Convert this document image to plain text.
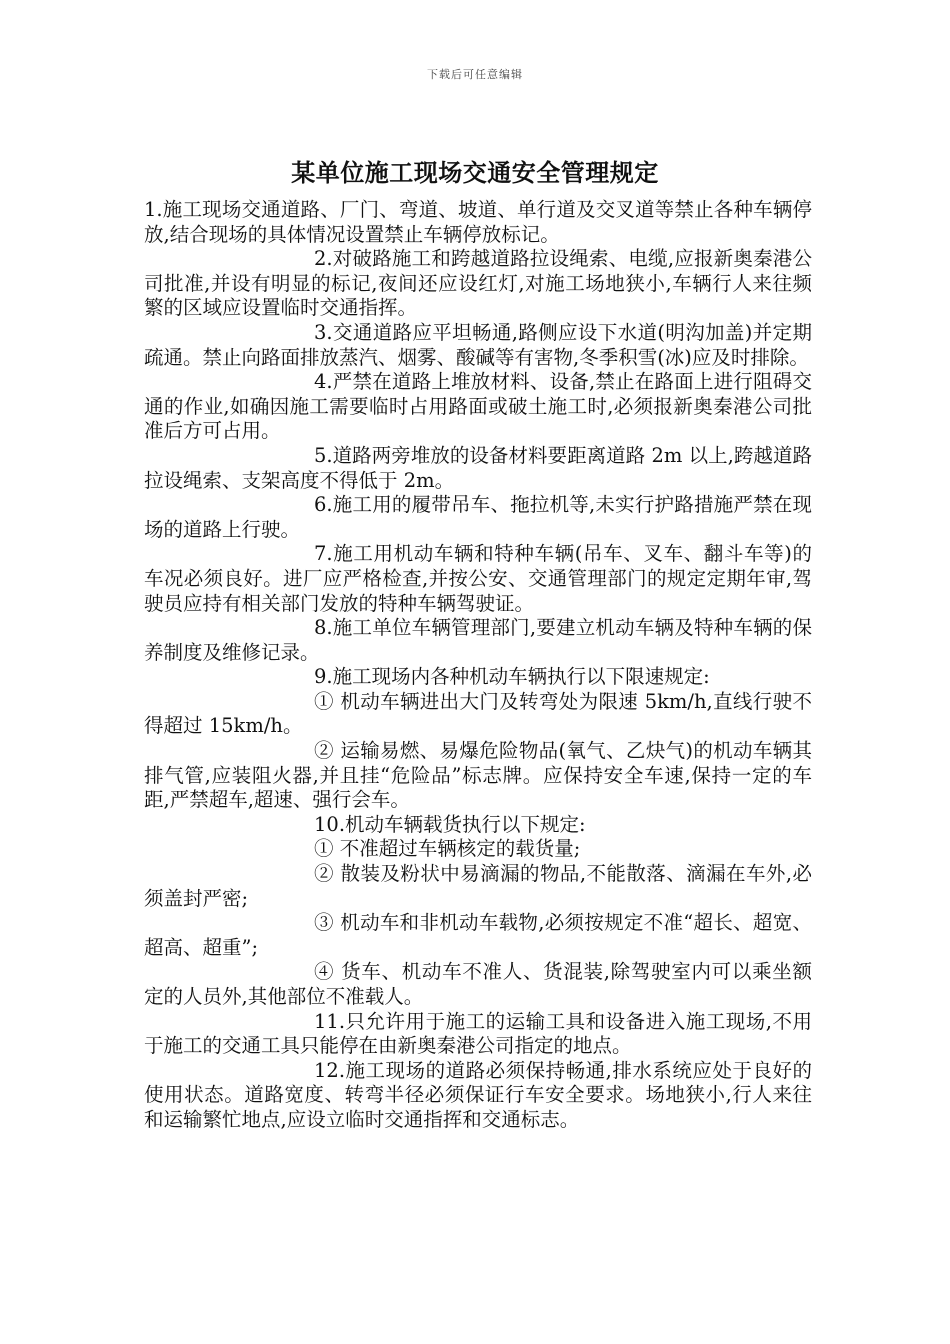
下载后可任意编辑
某单位施工现场交通安全管理规定

1.施工现场交通道路、厂门、弯道、坡道、单行道及交叉道等禁止各种车辆停放,结合现场的具体情况设置禁止车辆停放标记。

2.对破路施工和跨越道路拉设绳索、电缆,应报新奥秦港公司批准,并设有明显的标记,夜间还应设红灯,对施工场地狭小,车辆行人来往频繁的区域应设置临时交通指挥。

3.交通道路应平坦畅通,路侧应设下水道(明沟加盖)并定期疏通。禁止向路面排放蒸汽、烟雾、酸碱等有害物,冬季积雪(冰)应及时排除。

4.严禁在道路上堆放材料、设备,禁止在路面上进行阻碍交通的作业,如确因施工需要临时占用路面或破土施工时,必须报新奥秦港公司批准后方可占用。

5.道路两旁堆放的设备材料要距离道路 2m 以上,跨越道路拉设绳索、支架高度不得低于 2m。

6.施工用的履带吊车、拖拉机等,未实行护路措施严禁在现场的道路上行驶。

7.施工用机动车辆和特种车辆(吊车、叉车、翻斗车等)的车况必须良好。进厂应严格检查,并按公安、交通管理部门的规定定期年审,驾驶员应持有相关部门发放的特种车辆驾驶证。

8.施工单位车辆管理部门,要建立机动车辆及特种车辆的保养制度及维修记录。

9.施工现场内各种机动车辆执行以下限速规定:

① 机动车辆进出大门及转弯处为限速 5km/h,直线行驶不得超过 15km/h。

② 运输易燃、易爆危险物品(氧气、乙炔气)的机动车辆其排气管,应装阻火器,并且挂“危险品”标志牌。应保持安全车速,保持一定的车距,严禁超车,超速、强行会车。

10.机动车辆载货执行以下规定:

① 不准超过车辆核定的载货量;

② 散装及粉状中易滴漏的物品,不能散落、滴漏在车外,必须盖封严密;

③ 机动车和非机动车载物,必须按规定不准“超长、超宽、超高、超重”;

④ 货车、机动车不准人、货混装,除驾驶室内可以乘坐额定的人员外,其他部位不准载人。

11.只允许用于施工的运输工具和设备进入施工现场,不用于施工的交通工具只能停在由新奥秦港公司指定的地点。

12.施工现场的道路必须保持畅通,排水系统应处于良好的使用状态。道路宽度、转弯半径必须保证行车安全要求。场地狭小,行人来往和运输繁忙地点,应设立临时交通指挥和交通标志。
